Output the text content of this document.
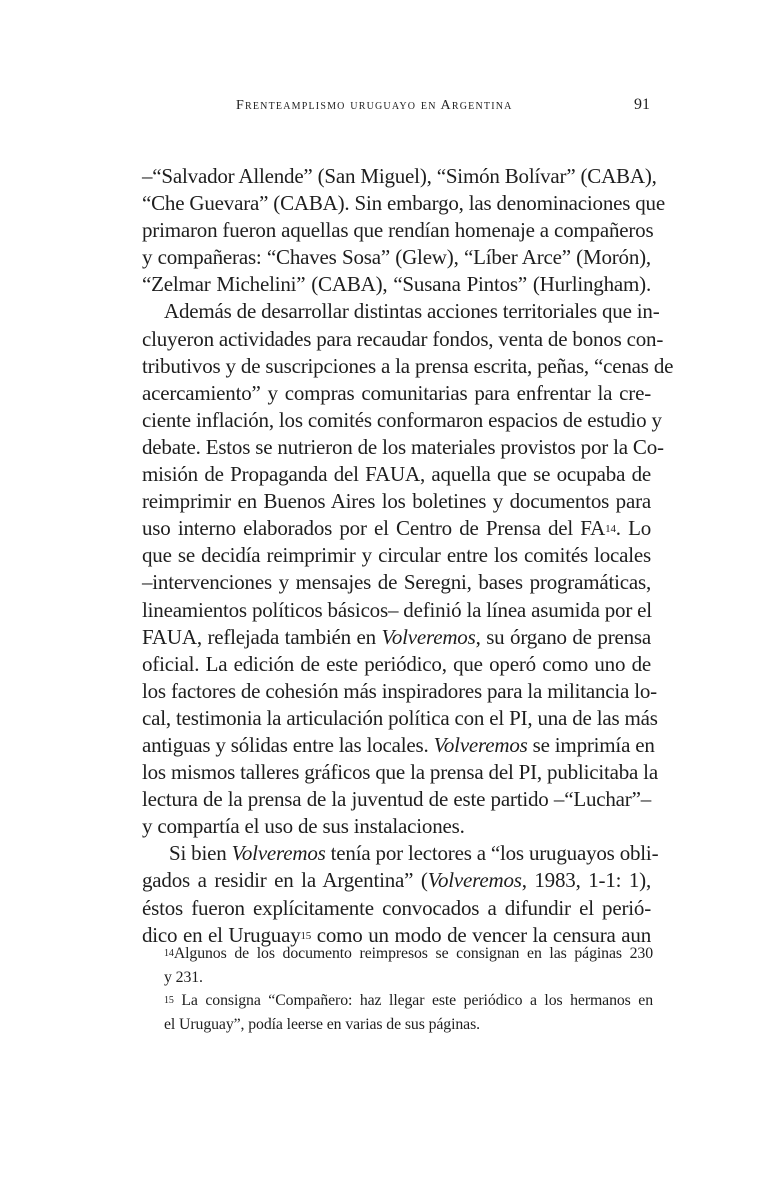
Frenteamplismo uruguayo en Argentina	91
–“Salvador Allende” (San Miguel), “Simón Bolívar” (CABA),
“Che Guevara” (CABA). Sin embargo, las denominaciones que
primaron fueron aquellas que rendían homenaje a compañeros
y compañeras: “Chaves Sosa” (Glew), “Líber Arce” (Morón),
“Zelmar Michelini” (CABA), “Susana Pintos” (Hurlingham).
Además de desarrollar distintas acciones territoriales que in-
cluyeron actividades para recaudar fondos, venta de bonos con-
tributivos y de suscripciones a la prensa escrita, peñas, “cenas de
acercamiento” y compras comunitarias para enfrentar la cre-
ciente inflación, los comités conformaron espacios de estudio y
debate. Estos se nutrieron de los materiales provistos por la Co-
misión de Propaganda del FAUA, aquella que se ocupaba de
reimprimir en Buenos Aires los boletines y documentos para
uso interno elaborados por el Centro de Prensa del FA$^{14}$. Lo
que se decidía reimprimir y circular entre los comités locales
–intervenciones y mensajes de Seregni, bases programáticas,
lineamientos políticos básicos– definió la línea asumida por el
FAUA, reflejada también en Volveremos, su órgano de prensa
oficial. La edición de este periódico, que operó como uno de
los factores de cohesión más inspiradores para la militancia lo-
cal, testimonia la articulación política con el PI, una de las más
antiguas y sólidas entre las locales. Volveremos se imprimía en
los mismos talleres gráficos que la prensa del PI, publicitaba la
lectura de la prensa de la juventud de este partido –“Luchar”–
y compartía el uso de sus instalaciones.
Si bien Volveremos tenía por lectores a “los uruguayos obli-
gados a residir en la Argentina” (Volveremos, 1983, 1-1: 1),
éstos fueron explícitamente convocados a difundir el perió-
dico en el Uruguay$^{15}$ como un modo de vencer la censura aun
$^{14}$Algunos de los documento reimpresos se consignan en las páginas 230
y 231.
$^{15}$ La consigna “Compañero: haz llegar este periódico a los hermanos en
el Uruguay”, podía leerse en varias de sus páginas.
